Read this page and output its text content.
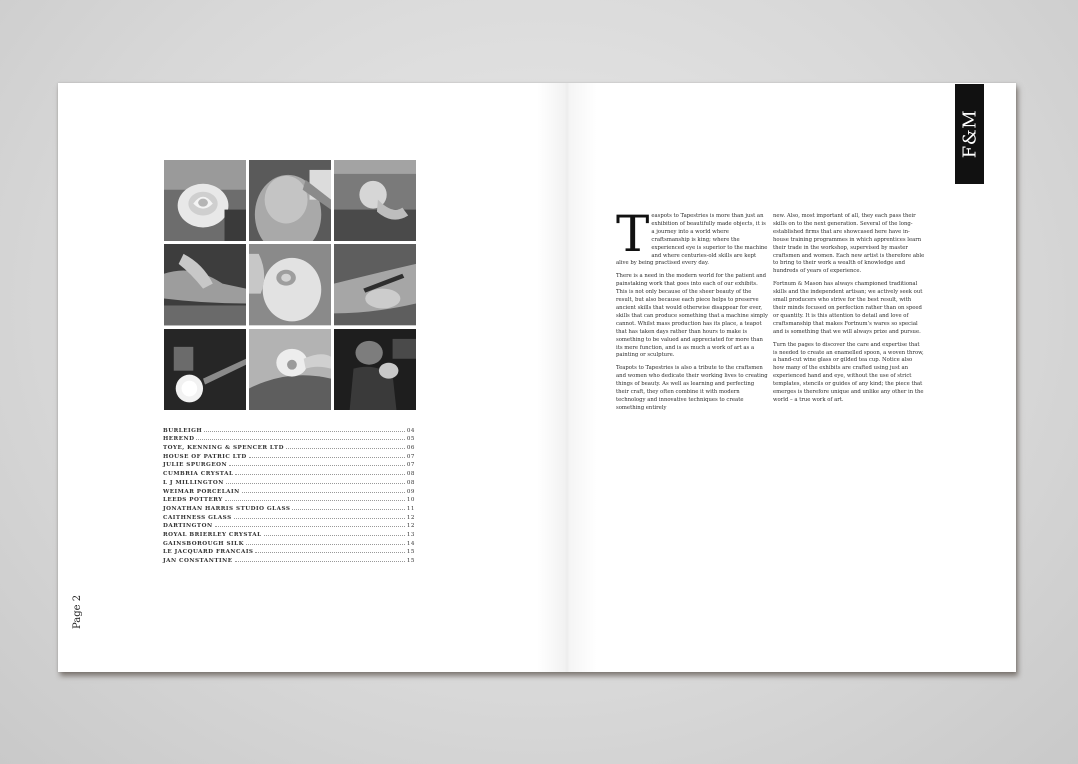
BURLEIGH	04
HEREND	05
TOYE, KENNING & SPENCER LTD	06
HOUSE OF PATRIC LTD	07
JULIE SPURGEON	07
CUMBRIA CRYSTAL	08
L J MILLINGTON	08
WEIMAR PORCELAIN	09
LEEDS POTTERY	10
JONATHAN HARRIS STUDIO GLASS	11
CAITHNESS GLASS	12
DARTINGTON	12
ROYAL BRIERLEY CRYSTAL	13
GAINSBOROUGH SILK	14
LE JACQUARD FRANCAIS	15
JAN CONSTANTINE	15
Page 2
F&M

Teaspots to Tapestries is more than just an exhibition of beautifully made objects, it is a journey into a world where craftsmanship is king; where the experienced eye is superior to the machine and where centuries-old skills are kept alive by being practised every day.

There is a need in the modern world for the patient and painstaking work that goes into each of our exhibits. This is not only because of the sheer beauty of the result, but also because each piece helps to preserve ancient skills that would otherwise disappear for ever, skills that can produce something that a machine simply cannot. Whilst mass production has its place, a teapot that has taken days rather than hours to make is something to be valued and appreciated for more than its mere function, and is as much a work of art as a painting or sculpture.

Teapots to Tapestries is also a tribute to the craftsmen and women who dedicate their working lives to creating things of beauty. As well as learning and perfecting their craft, they often combine it with modern technology and innovative techniques to create something entirely

new. Also, most important of all, they each pass their skills on to the next generation. Several of the long-established firms that are showcased here have in-house training programmes in which apprentices learn their trade in the workshop, supervised by master craftsmen and women. Each new artist is therefore able to bring to their work a wealth of knowledge and hundreds of years of experience.

Fortnum & Mason has always championed traditional skills and the independent artisan; we actively seek out small producers who strive for the best result, with their minds focused on perfection rather than on speed or quantity. It is this attention to detail and love of craftsmanship that makes Fortnum’s wares so special and is something that we will always prize and pursue.

Turn the pages to discover the care and expertise that is needed to create an enamelled spoon, a woven throw, a hand-cut wine glass or gilded tea cup. Notice also how many of the exhibits are crafted using just an experienced hand and eye, without the use of strict templates, stencils or guides of any kind; the piece that emerges is therefore unique and unlike any other in the world – a true work of art.
